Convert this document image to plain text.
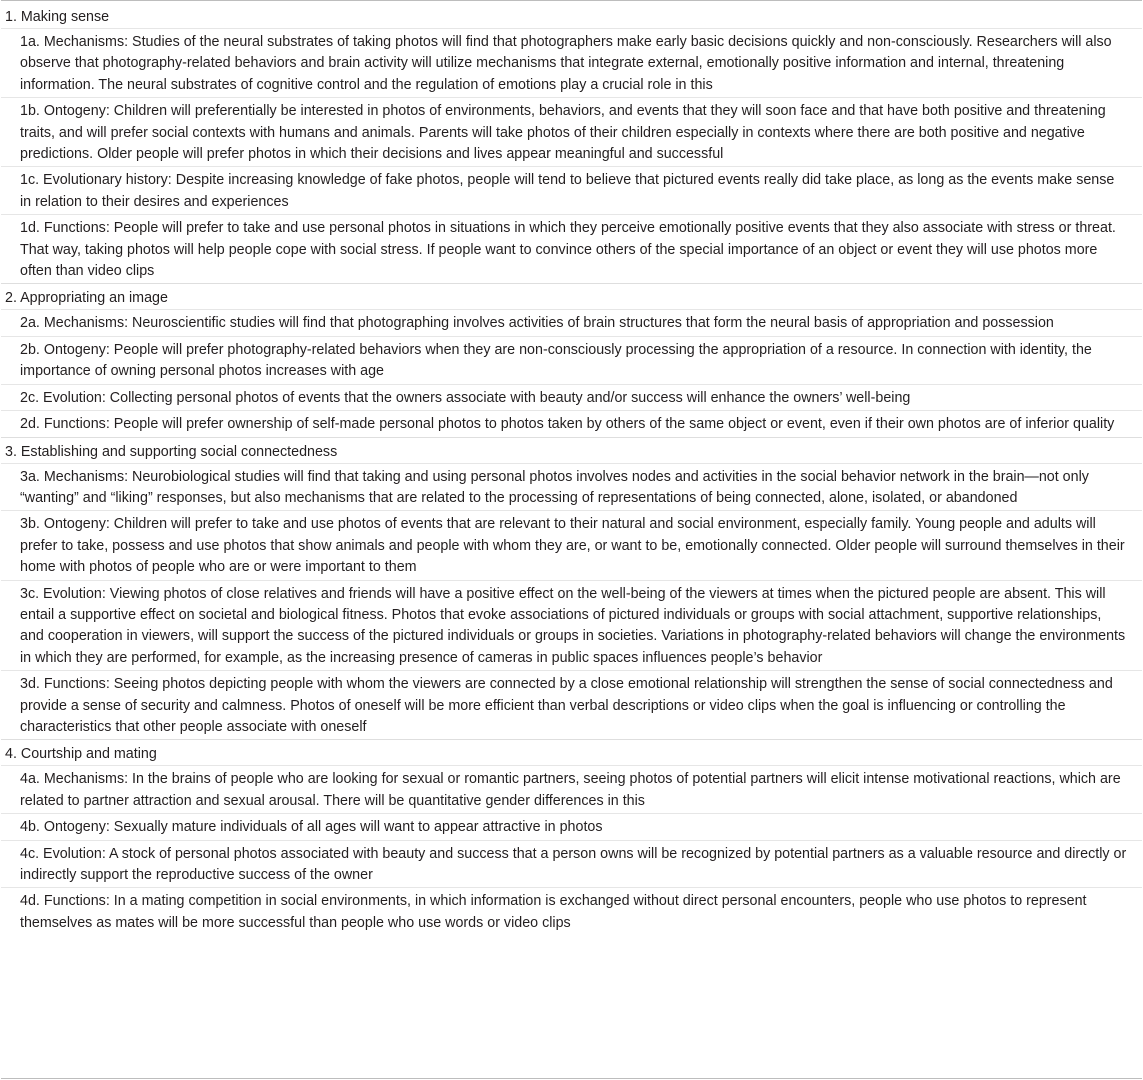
1. Making sense
1a. Mechanisms: Studies of the neural substrates of taking photos will find that photographers make early basic decisions quickly and non-consciously. Researchers will also observe that photography-related behaviors and brain activity will utilize mechanisms that integrate external, emotionally positive information and internal, threatening information. The neural substrates of cognitive control and the regulation of emotions play a crucial role in this
1b. Ontogeny: Children will preferentially be interested in photos of environments, behaviors, and events that they will soon face and that have both positive and threatening traits, and will prefer social contexts with humans and animals. Parents will take photos of their children especially in contexts where there are both positive and negative predictions. Older people will prefer photos in which their decisions and lives appear meaningful and successful
1c. Evolutionary history: Despite increasing knowledge of fake photos, people will tend to believe that pictured events really did take place, as long as the events make sense in relation to their desires and experiences
1d. Functions: People will prefer to take and use personal photos in situations in which they perceive emotionally positive events that they also associate with stress or threat. That way, taking photos will help people cope with social stress. If people want to convince others of the special importance of an object or event they will use photos more often than video clips
2. Appropriating an image
2a. Mechanisms: Neuroscientific studies will find that photographing involves activities of brain structures that form the neural basis of appropriation and possession
2b. Ontogeny: People will prefer photography-related behaviors when they are non-consciously processing the appropriation of a resource. In connection with identity, the importance of owning personal photos increases with age
2c. Evolution: Collecting personal photos of events that the owners associate with beauty and/or success will enhance the owners’ well-being
2d. Functions: People will prefer ownership of self-made personal photos to photos taken by others of the same object or event, even if their own photos are of inferior quality
3. Establishing and supporting social connectedness
3a. Mechanisms: Neurobiological studies will find that taking and using personal photos involves nodes and activities in the social behavior network in the brain—not only “wanting” and “liking” responses, but also mechanisms that are related to the processing of representations of being connected, alone, isolated, or abandoned
3b. Ontogeny: Children will prefer to take and use photos of events that are relevant to their natural and social environment, especially family. Young people and adults will prefer to take, possess and use photos that show animals and people with whom they are, or want to be, emotionally connected. Older people will surround themselves in their home with photos of people who are or were important to them
3c. Evolution: Viewing photos of close relatives and friends will have a positive effect on the well-being of the viewers at times when the pictured people are absent. This will entail a supportive effect on societal and biological fitness. Photos that evoke associations of pictured individuals or groups with social attachment, supportive relationships, and cooperation in viewers, will support the success of the pictured individuals or groups in societies. Variations in photography-related behaviors will change the environments in which they are performed, for example, as the increasing presence of cameras in public spaces influences people’s behavior
3d. Functions: Seeing photos depicting people with whom the viewers are connected by a close emotional relationship will strengthen the sense of social connectedness and provide a sense of security and calmness. Photos of oneself will be more efficient than verbal descriptions or video clips when the goal is influencing or controlling the characteristics that other people associate with oneself
4. Courtship and mating
4a. Mechanisms: In the brains of people who are looking for sexual or romantic partners, seeing photos of potential partners will elicit intense motivational reactions, which are related to partner attraction and sexual arousal. There will be quantitative gender differences in this
4b. Ontogeny: Sexually mature individuals of all ages will want to appear attractive in photos
4c. Evolution: A stock of personal photos associated with beauty and success that a person owns will be recognized by potential partners as a valuable resource and directly or indirectly support the reproductive success of the owner
4d. Functions: In a mating competition in social environments, in which information is exchanged without direct personal encounters, people who use photos to represent themselves as mates will be more successful than people who use words or video clips
